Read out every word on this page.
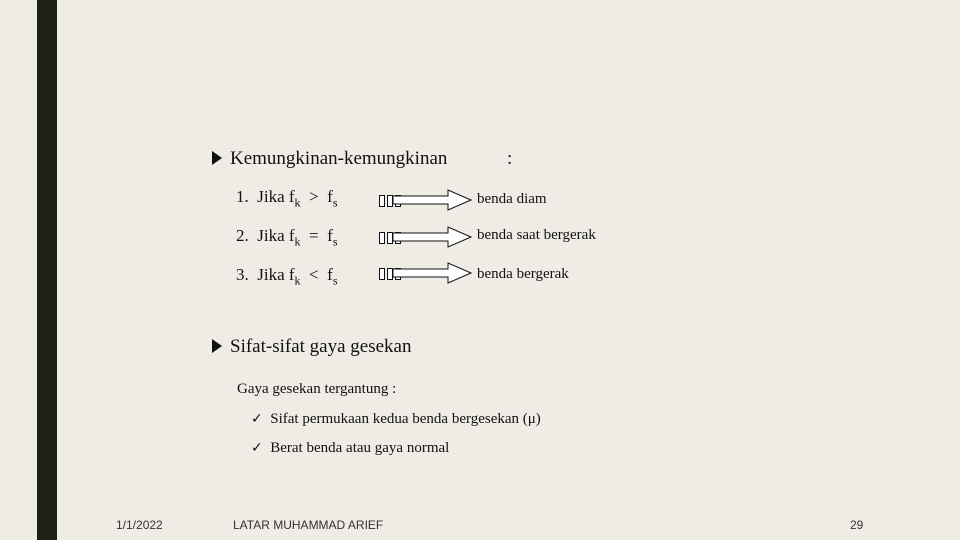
Kemungkinan-kemungkinan	:
1. Jika $f_k > f_s$	benda diam
2. Jika $f_k = f_s$	benda saat bergerak
3. Jika $f_k < f_s$	benda bergerak
Sifat-sifat gaya gesekan
Gaya gesekan tergantung :
✓ Sifat permukaan kedua benda bergesekan (μ)
✓ Berat benda atau gaya normal
1/1/2022	LATAR MUHAMMAD ARIEF	29
